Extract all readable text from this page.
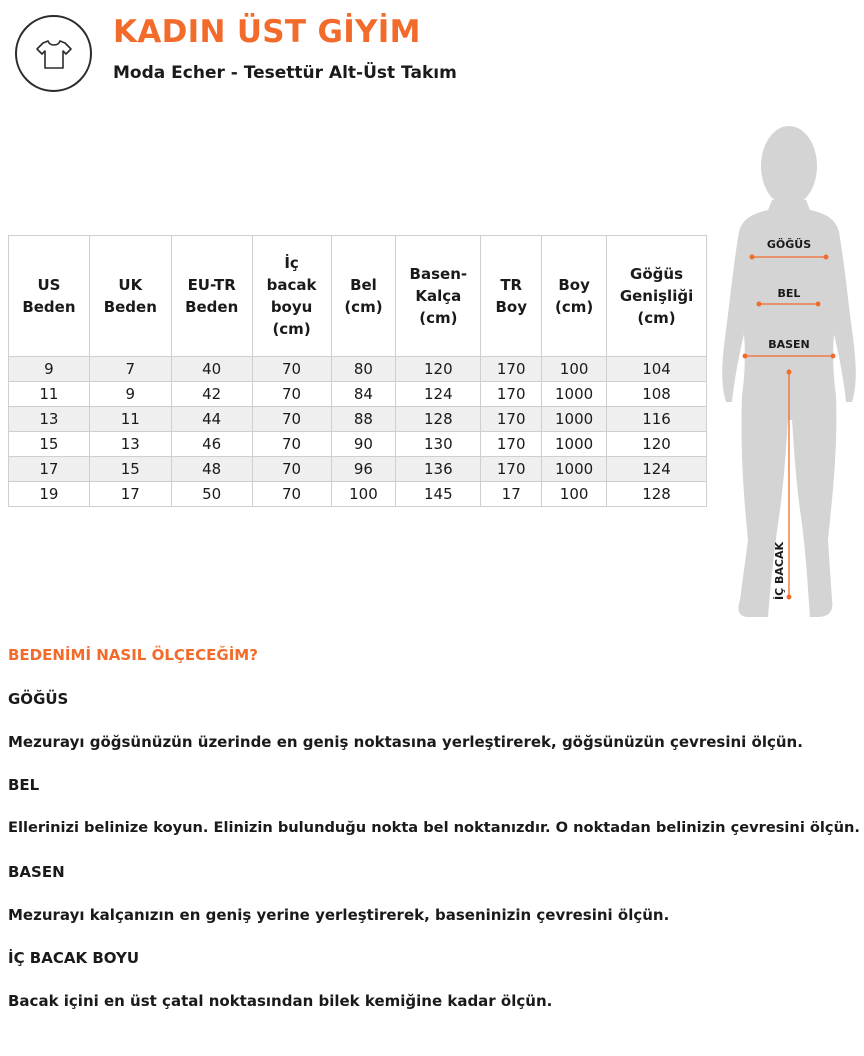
KADIN ÜST GİYİM
Moda Echer - Tesettür Alt-Üst Takım
US
Beden	UK
Beden	EU-TR
Beden	İç
bacak
boyu
(cm)	Bel
(cm)	Basen-
Kalça
(cm)	TR
Boy	Boy
(cm)	Göğüs
Genişliği
(cm)
9	7	40	70	80	120	170	100	104
11	9	42	70	84	124	170	1000	108
13	11	44	70	88	128	170	1000	116
15	13	46	70	90	130	170	1000	120
17	15	48	70	96	136	170	1000	124
19	17	50	70	100	145	17	100	128
GÖĞÜS
BEL
BASEN
İÇ BACAK
BEDENİMİ NASIL ÖLÇECEĞİM?
GÖĞÜS
Mezurayı göğsünüzün üzerinde en geniş noktasına yerleştirerek, göğsünüzün çevresini ölçün.
BEL
Ellerinizi belinize koyun. Elinizin bulunduğu nokta bel noktanızdır. O noktadan belinizin çevresini ölçün.
BASEN
Mezurayı kalçanızın en geniş yerine yerleştirerek, baseninizin çevresini ölçün.
İÇ BACAK BOYU
Bacak içini en üst çatal noktasından bilek kemiğine kadar ölçün.
